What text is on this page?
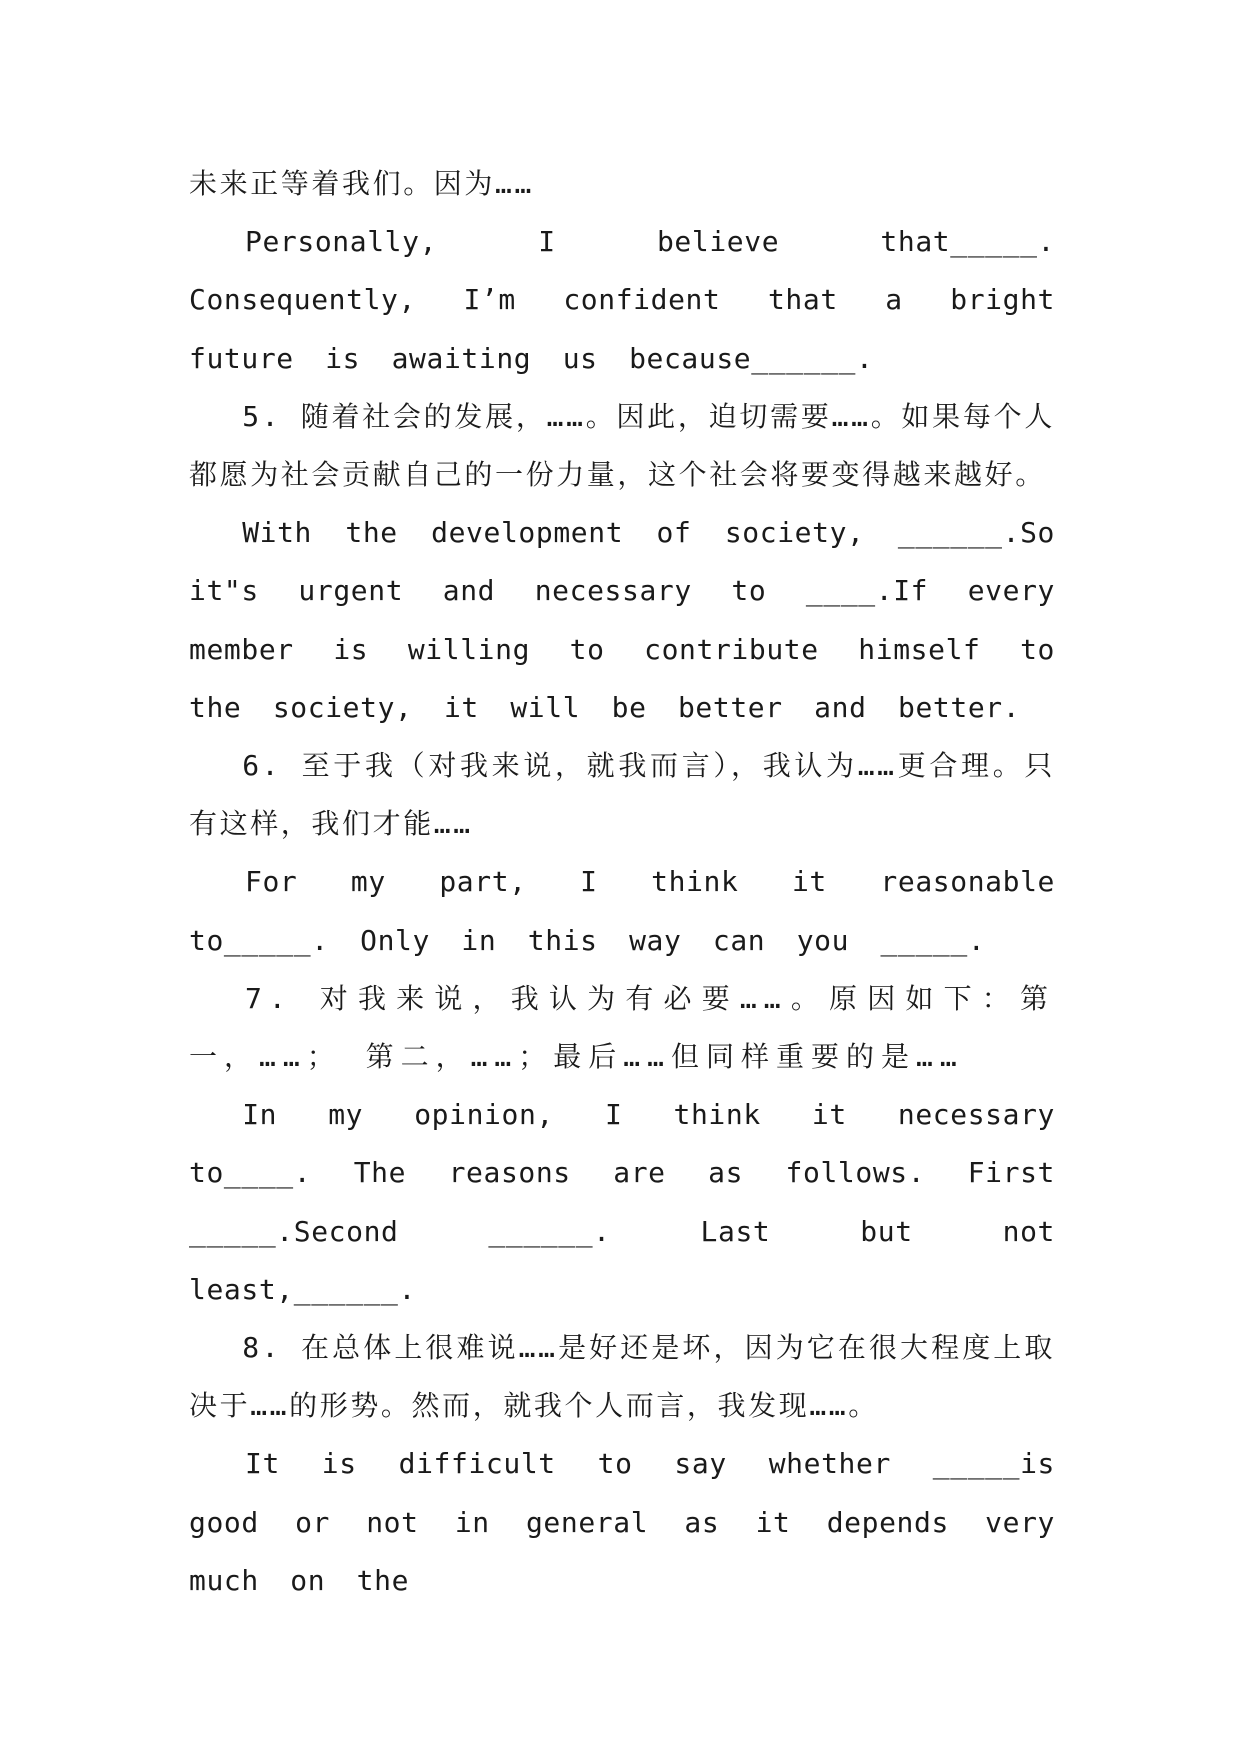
未来正等着我们。因为……

Personally, I believe that_____. Consequently, I’m confident that a bright future is awaiting us because______.

5. 随着社会的发展，……。因此，迫切需要……。如果每个人都愿为社会贡献自己的一份力量，这个社会将要变得越来越好。

With the development of society, ______.So it"s urgent and necessary to ____.If every member is willing to contribute himself to the society, it will be better and better.

6. 至于我（对我来说，就我而言），我认为……更合理。只有这样，我们才能……

For my part, I think it reasonable to_____. Only in this way can you _____.

7. 对我来说，我认为有必要……。原因如下：第一，……； 第二，……；最后……但同样重要的是……

In my opinion, I think it necessary to____. The reasons are as follows. First _____.Second ______. Last but not least,______.

8. 在总体上很难说……是好还是坏，因为它在很大程度上取决于……的形势。然而，就我个人而言，我发现……。

It is difficult to say whether _____is good or not in general as it depends very much on the
